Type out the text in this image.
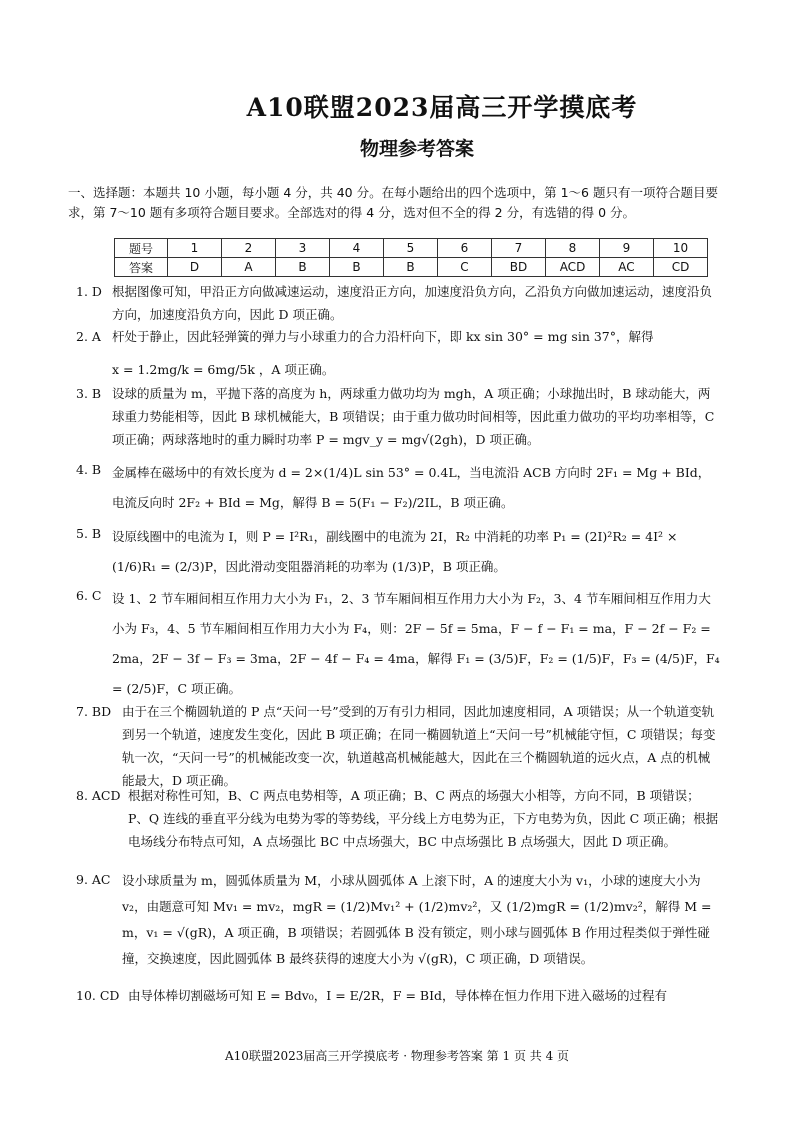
A10联盟2023届高三开学摸底考
物理参考答案
一、选择题：本题共 10 小题，每小题 4 分，共 40 分。在每小题给出的四个选项中，第 1～6 题只有一项符合题目要求，第 7～10 题有多项符合题目要求。全部选对的得 4 分，选对但不全的得 2 分，有选错的得 0 分。
题号	1	2	3	4	5	6	7	8	9	10
答案	D	A	B	B	B	C	BD	ACD	AC	CD
1. D 根据图像可知，甲沿正方向做减速运动，速度沿正方向，加速度沿负方向，乙沿负方向做加速运动，速度沿负方向，加速度沿负方向，因此 D 项正确。
2. A 杆处于静止，因此轻弹簧的弹力与小球重力的合力沿杆向下，即 kx sin 30° = mg sin 37°，解得
x = 1.2mg/k = 6mg/5k ，A 项正确。
3. B 设球的质量为 m，平抛下落的高度为 h，两球重力做功均为 mgh，A 项正确；小球抛出时，B 球动能大，两球重力势能相等，因此 B 球机械能大，B 项错误；由于重力做功时间相等，因此重力做功的平均功率相等，C 项正确；两球落地时的重力瞬时功率 P = mgv_y = mg√(2gh)，D 项正确。
4. B 金属棒在磁场中的有效长度为 d = 2×(1/4)L sin 53° = 0.4L，当电流沿 ACB 方向时 2F₁ = Mg + BId，电流反向时 2F₂ + BId = Mg，解得 B = 5(F₁ − F₂)/2IL，B 项正确。
5. B 设原线圈中的电流为 I，则 P = I²R₁，副线圈中的电流为 2I，R₂ 中消耗的功率 P₁ = (2I)²R₂ = 4I² × (1/6)R₁ = (2/3)P，因此滑动变阻器消耗的功率为 (1/3)P，B 项正确。
6. C 设 1、2 节车厢间相互作用力大小为 F₁，2、3 节车厢间相互作用力大小为 F₂，3、4 节车厢间相互作用力大小为 F₃，4、5 节车厢间相互作用力大小为 F₄，则：2F − 5f = 5ma，F − f − F₁ = ma，F − 2f − F₂ = 2ma，2F − 3f − F₃ = 3ma，2F − 4f − F₄ = 4ma，解得 F₁ = (3/5)F，F₂ = (1/5)F，F₃ = (4/5)F，F₄ = (2/5)F，C 项正确。
7. BD 由于在三个椭圆轨道的 P 点“天问一号”受到的万有引力相同，因此加速度相同，A 项错误；从一个轨道变轨到另一个轨道，速度发生变化，因此 B 项正确；在同一椭圆轨道上“天问一号”机械能守恒，C 项错误；每变轨一次，“天问一号”的机械能改变一次，轨道越高机械能越大，因此在三个椭圆轨道的远火点，A 点的机械能最大，D 项正确。
8. ACD 根据对称性可知，B、C 两点电势相等，A 项正确；B、C 两点的场强大小相等，方向不同，B 项错误； P、Q 连线的垂直平分线为电势为零的等势线，平分线上方电势为正，下方电势为负，因此 C 项正确；根据电场线分布特点可知，A 点场强比 BC 中点场强大，BC 中点场强比 B 点场强大，因此 D 项正确。
9. AC 设小球质量为 m，圆弧体质量为 M，小球从圆弧体 A 上滚下时，A 的速度大小为 v₁，小球的速度大小为 v₂，由题意可知 Mv₁ = mv₂，mgR = (1/2)Mv₁² + (1/2)mv₂²，又 (1/2)mgR = (1/2)mv₂²，解得 M = m，v₁ = √(gR)，A 项正确，B 项错误；若圆弧体 B 没有锁定，则小球与圆弧体 B 作用过程类似于弹性碰撞，交换速度，因此圆弧体 B 最终获得的速度大小为 √(gR)，C 项正确，D 项错误。
10. CD 由导体棒切割磁场可知 E = Bdv₀，I = E/2R，F = BId，导体棒在恒力作用下进入磁场的过程有
A10联盟2023届高三开学摸底考 · 物理参考答案 第 1 页 共 4 页
